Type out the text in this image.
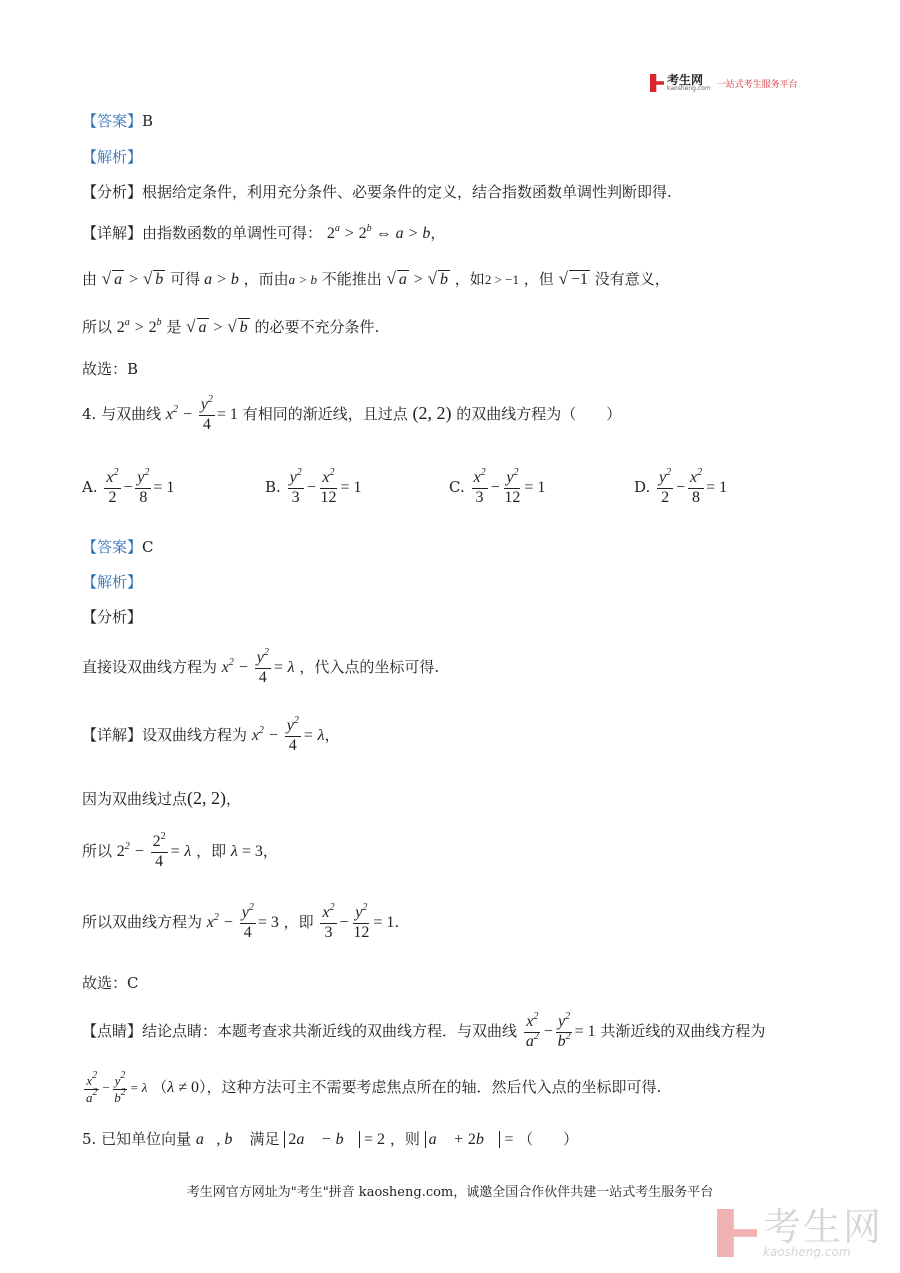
考生网
kaosheng.com 一站式考生服务平台
【答案】B
【解析】
【分析】根据给定条件，利用充分条件、必要条件的定义，结合指数函数单调性判断即得.
【详解】由指数函数的单调性可得： $2^a > 2^b$ ⇔ a > b，
由 √ a > √ b 可得 a > b ，而由a > b 不能推出 √ a > √ b ，如2 > −1 ，但 √ −1 没有意义，
所以 $2^a > 2^b$ 是 √ a > √ b 的必要不充分条件.
故选：B
4. 与双曲线 $x^2 - \frac{y^2}{4} = 1$ 有相同的渐近线，且过点 (2, 2) 的双曲线方程为（　　）
A. $\frac{x^2}{2} - \frac{y^2}{8} = 1$	B. $\frac{y^2}{3} - \frac{x^2}{12} = 1$	C. $\frac{x^2}{3} - \frac{y^2}{12} = 1$	D. $\frac{y^2}{2} - \frac{x^2}{8} = 1$
【答案】C
【解析】
【分析】
直接设双曲线方程为 $x^2 - \frac{y^2}{4} = \lambda$ ，代入点的坐标可得.
【详解】设双曲线方程为 $x^2 - \frac{y^2}{4} = \lambda$，
因为双曲线过点(2, 2)，
所以 $2^2 - \frac{2^2}{4} = \lambda$ ，即 λ = 3，
所以双曲线方程为 $x^2 - \frac{y^2}{4} = 3$ ，即 $\frac{x^2}{3} - \frac{y^2}{12} = 1$.
故选：C
【点睛】结论点睛：本题考查求共渐近线的双曲线方程．与双曲线 $\frac{x^2}{a^2} - \frac{y^2}{b^2} = 1$ 共渐近线的双曲线方程为
$\frac{x^2}{a^2} - \frac{y^2}{b^2} = \lambda$ （λ ≠ 0），这种方法可主不需要考虑焦点所在的轴．然后代入点的坐标即可得.
5. 已知单位向量 a⃗, b⃗ 满足 2a⃗ − b⃗ = 2 ，则 a⃗ + 2b⃗ = （　　）
考生网官方网址为"考生"拼音 kaosheng.com，诚邀全国合作伙伴共建一站式考生服务平台
考生网
kaosheng.com
